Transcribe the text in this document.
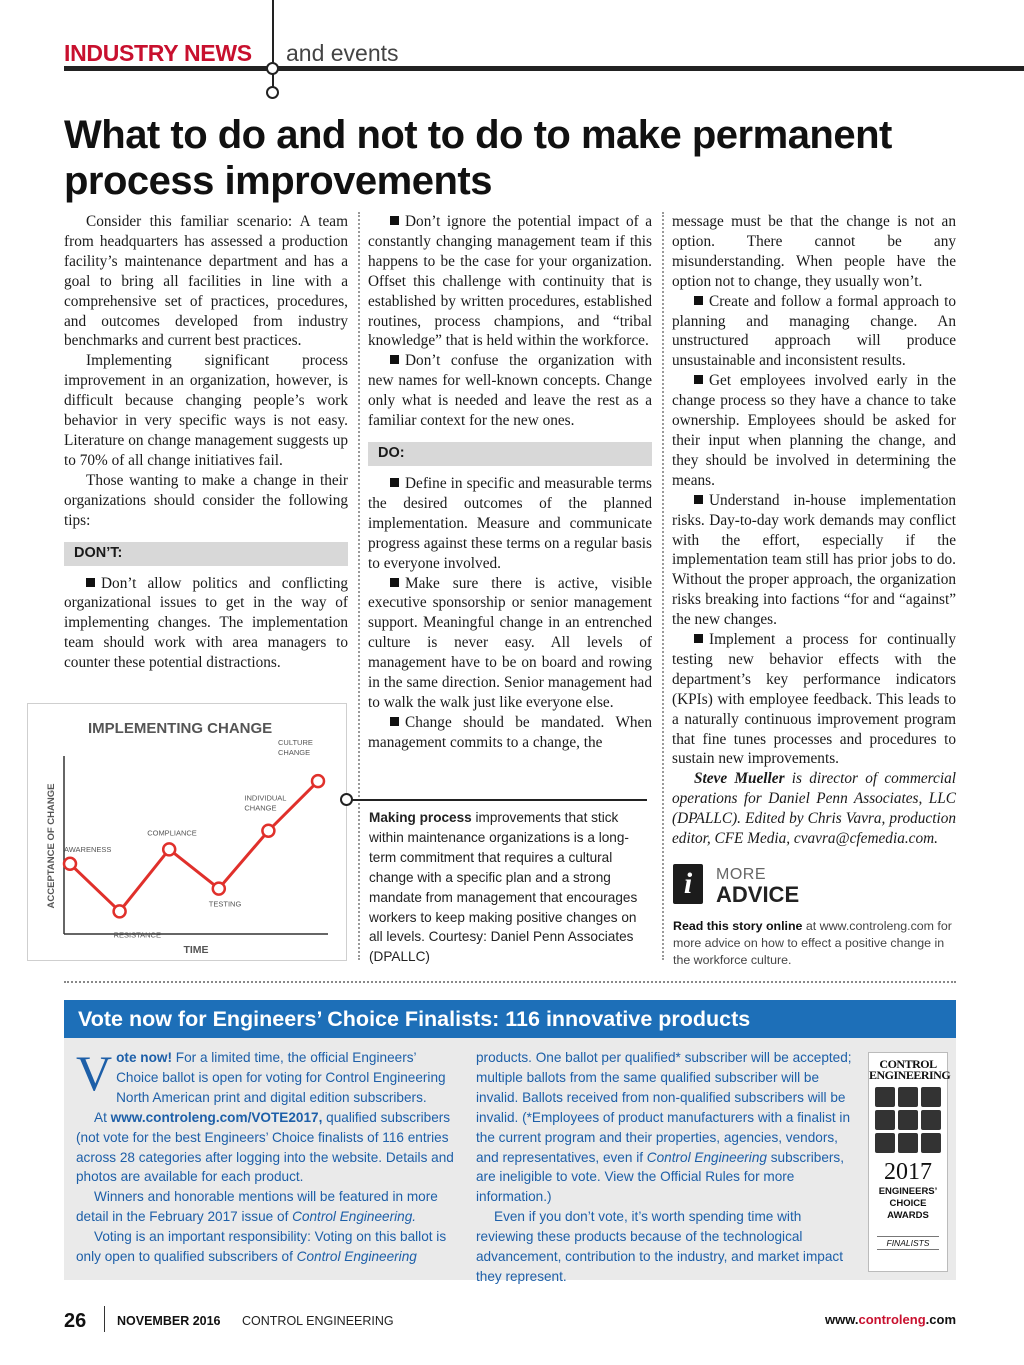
INDUSTRY NEWS and events
What to do and not to do to make permanent process improvements

Consider this familiar scenario: A team from headquarters has assessed a production facility’s maintenance department and has a goal to bring all facilities in line with a comprehensive set of practices, procedures, and outcomes developed from industry benchmarks and current best practices.

Implementing significant process improvement in an organization, however, is difficult because changing people’s work behavior in very specific ways is not easy. Literature on change management suggests up to 70% of all change initiatives fail.

Those wanting to make a change in their organizations should consider the following tips:

DON’T:

Don’t allow politics and conflicting organizational issues to get in the way of implementing changes. The implementation team should work with area managers to counter these potential distractions.

Don’t ignore the potential impact of a constantly changing management team if this happens to be the case for your organization. Offset this challenge with continuity that is established by written procedures, established routines, process champions, and “tribal knowledge” that is held within the workforce.

Don’t confuse the organization with new names for well-known concepts. Change only what is needed and leave the rest as a familiar context for the new ones.

DO:

Define in specific and measurable terms the desired outcomes of the planned implementation. Measure and communicate progress against these terms on a regular basis to everyone involved.

Make sure there is active, visible executive sponsorship or senior management support. Meaningful change in an entrenched culture is never easy. All levels of management have to be on board and rowing in the same direction. Senior management had to walk the walk just like everyone else.

Change should be mandated. When management commits to a change, the

message must be that the change is not an option. There cannot be any misunderstanding. When people have the option not to change, they usually won’t.

Create and follow a formal approach to planning and managing change. An unstructured approach will produce unsustainable and inconsistent results.

Get employees involved early in the change process so they have a chance to take ownership. Employees should be asked for their input when planning the change, and they should be involved in determining the means.

Understand in-house implementation risks. Day-to-day work demands may conflict with the effort, especially if the implementation team still has prior jobs to do. Without the proper approach, the organization risks breaking into factions “for and “against” the new changes.

Implement a process for continually testing new behavior effects with the department’s key performance indicators (KPIs) with employee feedback. This leads to a naturally continuous improvement program that fine tunes processes and procedures to sustain new improvements.

Steve Mueller is director of commercial operations for Daniel Penn Associates, LLC (DPALLC). Edited by Chris Vavra, production editor, CFE Media, cvavra@cfemedia.com.

IMPLEMENTING CHANGE
TIME
ACCEPTANCE OF CHANGE AWARENESS
RESISTANCE
COMPLIANCE
TESTING
INDIVIDUAL CHANGE
CULTURE CHANGE
Making process improvements that stick within maintenance organizations is a long-term commitment that requires a cultural change with a specific plan and a strong mandate from management that encourages workers to keep making positive changes on all levels. Courtesy: Daniel Penn Associates (DPALLC)
i	MORE
ADVICE
Read this story online at www.controleng.com for more advice on how to effect a positive change in the workforce culture.
Vote now for Engineers’ Choice Finalists: 116 innovative products

Vote now! For a limited time, the official Engineers’ Choice ballot is open for voting for Control Engineering North American print and digital edition subscribers.

At www.controleng.com/VOTE2017, qualified subscribers (not vote for the best Engineers’ Choice finalists of 116 entries across 28 categories after logging into the website. Details and photos are available for each product.

Winners and honorable mentions will be featured in more detail in the February 2017 issue of Control Engineering.

Voting is an important responsibility: Voting on this ballot is only open to qualified subscribers of Control Engineering

products. One ballot per qualified* subscriber will be accepted; multiple ballots from the same qualified subscriber will be invalid. Ballots received from non-qualified subscribers will be invalid. (*Employees of product manufacturers with a finalist in the current program and their properties, agencies, vendors, and representatives, even if Control Engineering subscribers, are ineligible to vote. View the Official Rules for more information.)

Even if you don’t vote, it’s worth spending time with reviewing these products because of the technological advancement, contribution to the industry, and market impact they represent.

CONTROL
ENGINEERING
2017
ENGINEERS’
CHOICE
AWARDS
FINALISTS
26 NOVEMBER 2016 CONTROL ENGINEERING	www.controleng.com
